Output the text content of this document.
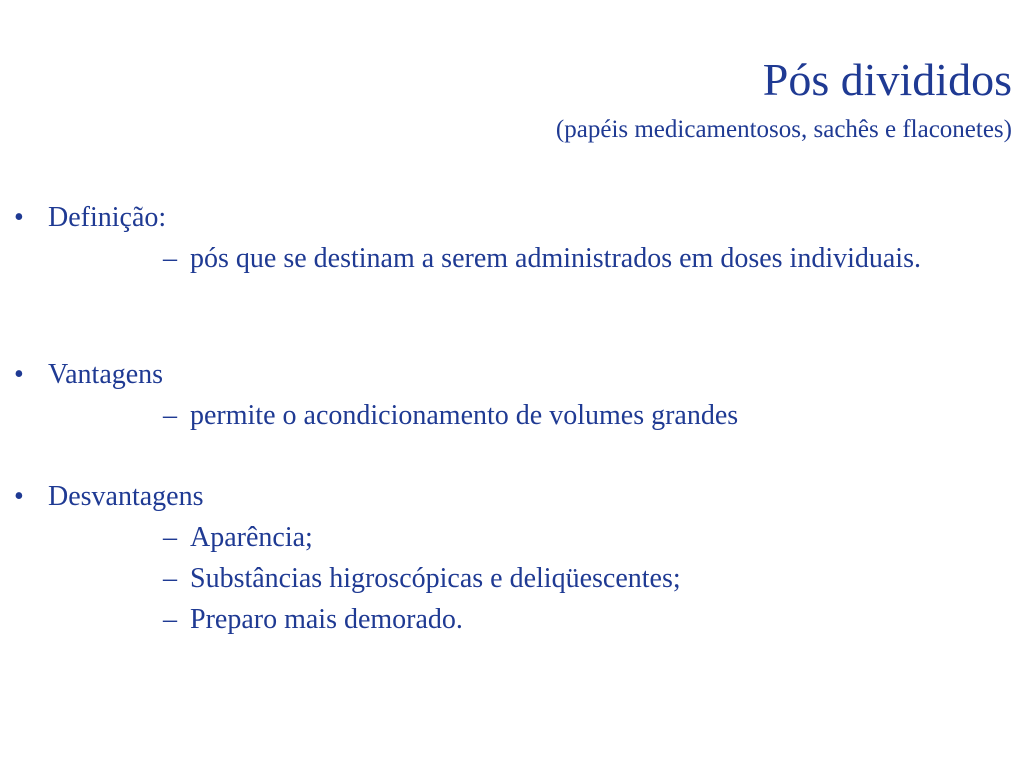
Pós divididos
(papéis medicamentosos, sachês e flaconetes)
• Definição:
– pós que se destinam a serem administrados em doses individuais.
• Vantagens
– permite o acondicionamento de volumes grandes
• Desvantagens
– Aparência;
– Substâncias higroscópicas e deliqüescentes;
– Preparo mais demorado.
